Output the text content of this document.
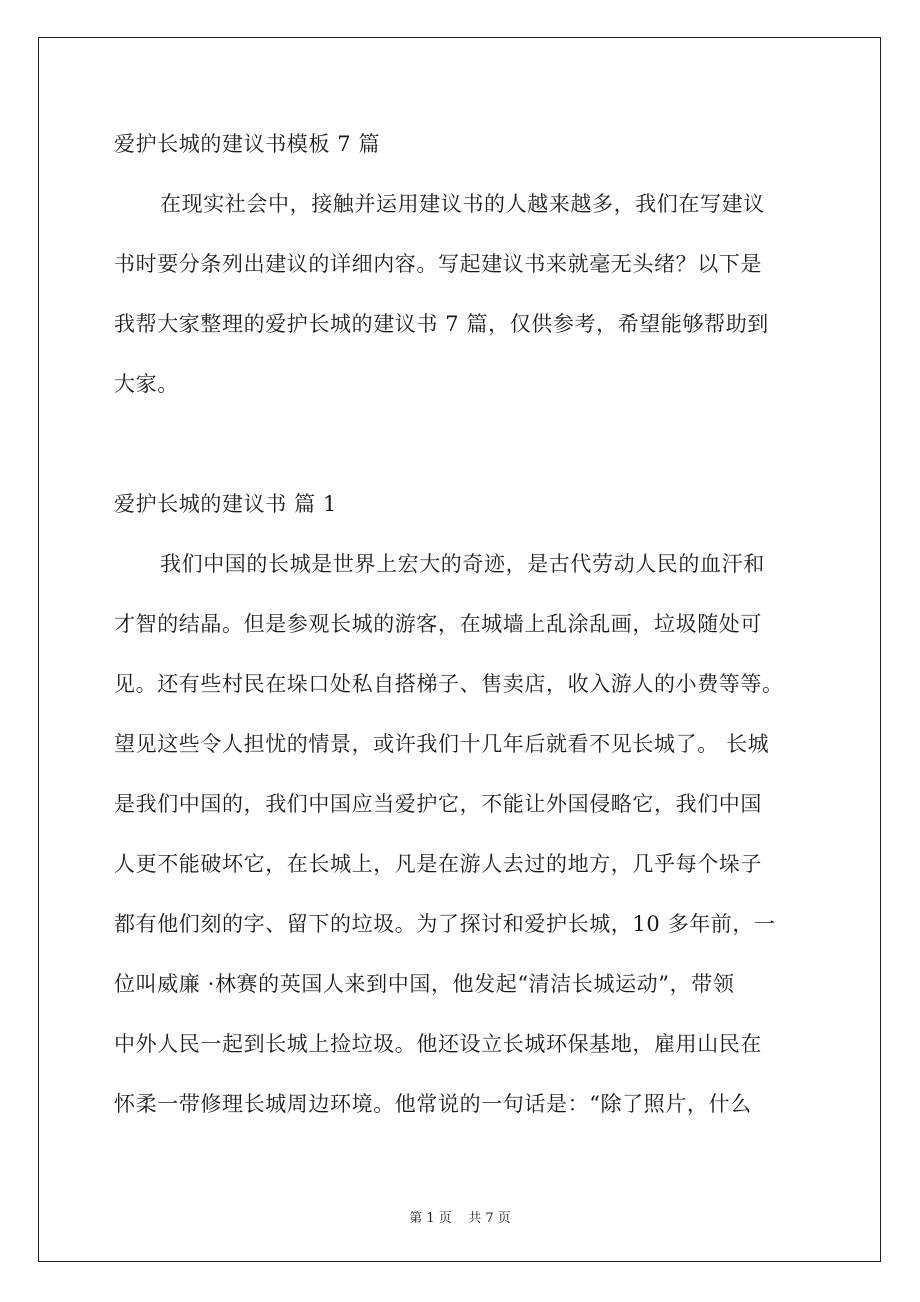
爱护长城的建议书模板 7 篇
在现实社会中，接触并运用建议书的人越来越多，我们在写建议
书时要分条列出建议的详细内容。写起建议书来就毫无头绪？以下是
我帮大家整理的爱护长城的建议书 7 篇，仅供参考，希望能够帮助到
大家。
爱护长城的建议书 篇 1
我们中国的长城是世界上宏大的奇迹，是古代劳动人民的血汗和
才智的结晶。但是参观长城的游客，在城墙上乱涂乱画，垃圾随处可
见。还有些村民在垛口处私自搭梯子、售卖店，收入游人的小费等等。
望见这些令人担忧的情景，或许我们十几年后就看不见长城了。 长城
是我们中国的，我们中国应当爱护它，不能让外国侵略它，我们中国
人更不能破坏它，在长城上，凡是在游人去过的地方，几乎每个垛子
都有他们刻的字、留下的垃圾。为了探讨和爱护长城，10 多年前，一
位叫威廉 ·林赛的英国人来到中国，他发起“清洁长城运动”，带领
中外人民一起到长城上捡垃圾。他还设立长城环保基地，雇用山民在
怀柔一带修理长城周边环境。他常说的一句话是：“除了照片，什么
第 1 页    共 7 页
